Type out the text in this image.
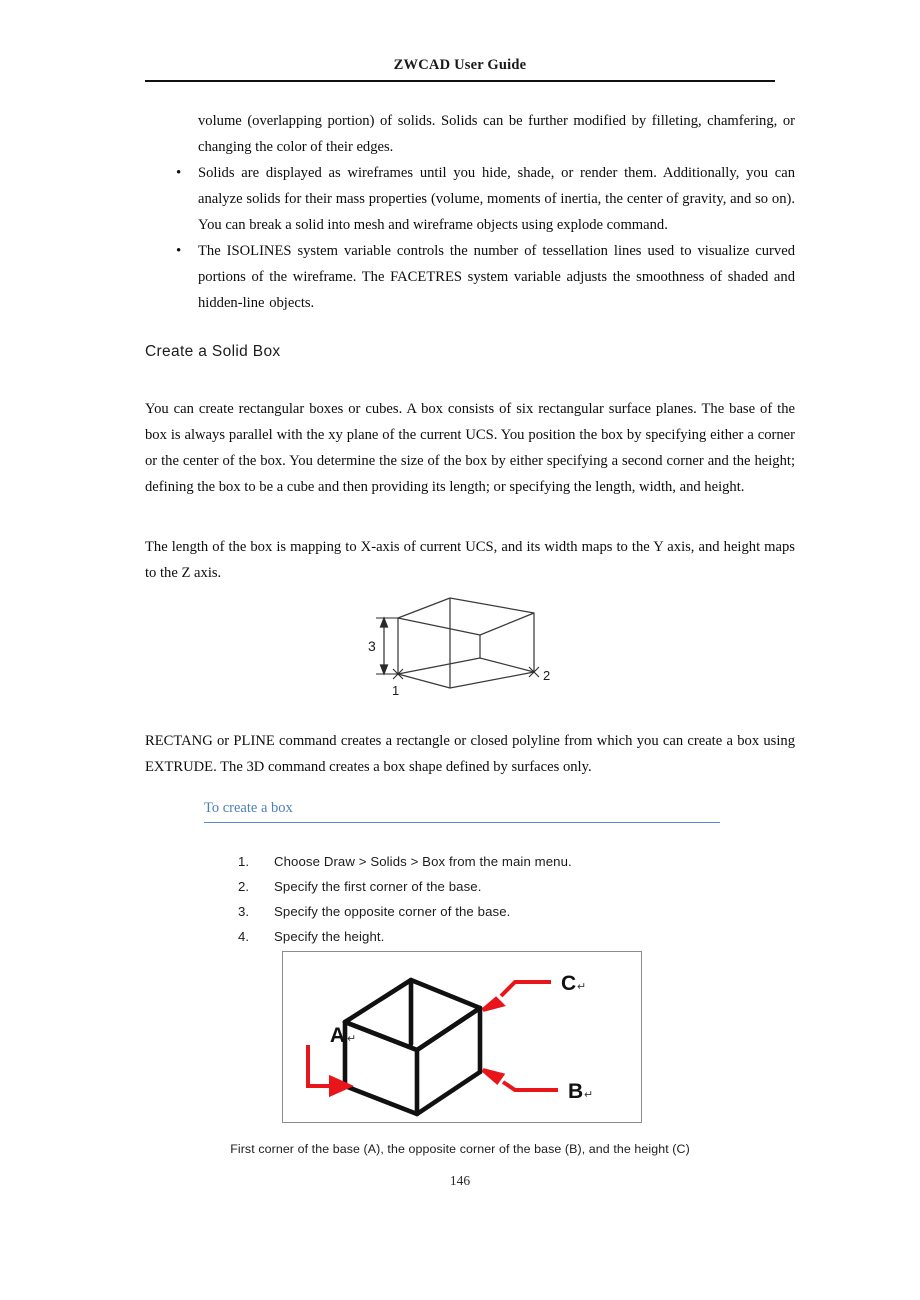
ZWCAD User Guide

volume (overlapping portion) of solids. Solids can be further modified by filleting, chamfering, or changing the color of their edges.

• Solids are displayed as wireframes until you hide, shade, or render them. Additionally, you can analyze solids for their mass properties (volume, moments of inertia, the center of gravity, and so on). You can break a solid into mesh and wireframe objects using explode command.
• The ISOLINES system variable controls the number of tessellation lines used to visualize curved portions of the wireframe. The FACETRES system variable adjusts the smoothness of shaded and hidden-line objects.
Create a Solid Box
You can create rectangular boxes or cubes. A box consists of six rectangular surface planes. The base of the box is always parallel with the xy plane of the current UCS. You position the box by specifying either a corner or the center of the box. You determine the size of the box by either specifying a second corner and the height; defining the box to be a cube and then providing its length; or specifying the length, width, and height.
The length of the box is mapping to X-axis of current UCS, and its width maps to the Y axis, and height maps to the Z axis.
3
1
2
RECTANG or PLINE command creates a rectangle or closed polyline from which you can create a box using EXTRUDE. The 3D command creates a box shape defined by surfaces only.
To create a box
1.	Choose Draw > Solids > Box from the main menu.
2.	Specify the first corner of the base.
3.	Specify the opposite corner of the base.
4.	Specify the height.
A
B
C
↵
↵
↵
First corner of the base (A), the opposite corner of the base (B), and the height (C)
146
